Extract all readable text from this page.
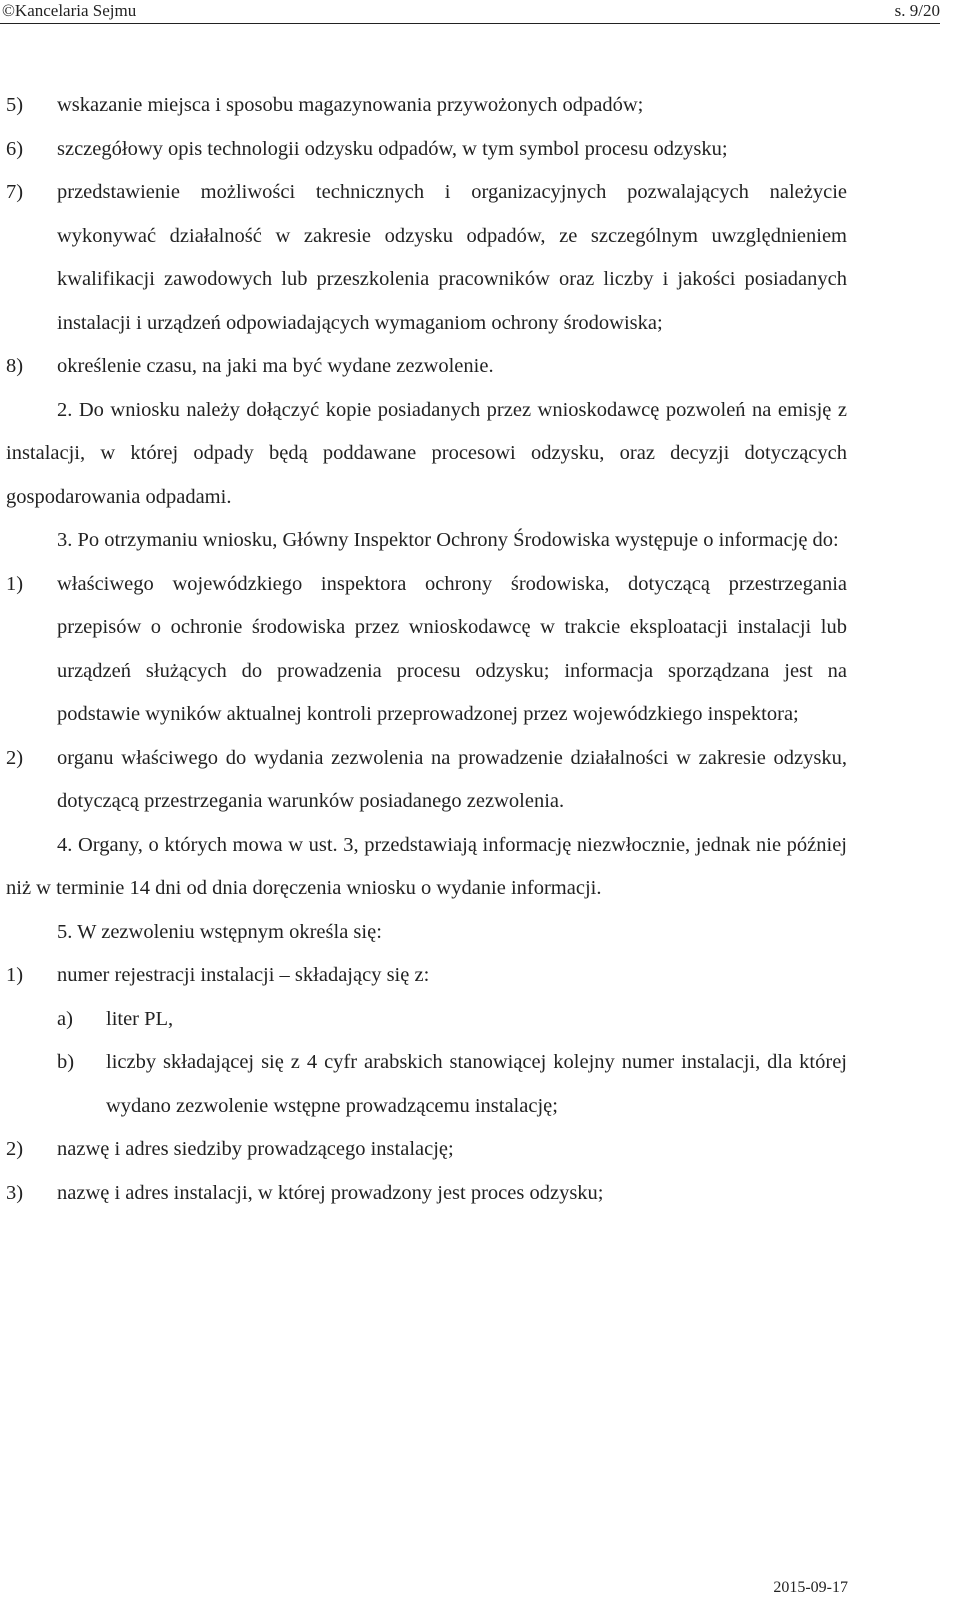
©Kancelaria Sejmu	s. 9/20
5)	wskazanie miejsca i sposobu magazynowania przywożonych odpadów;
6)	szczegółowy opis technologii odzysku odpadów, w tym symbol procesu odzysku;
7)	przedstawienie możliwości technicznych i organizacyjnych pozwalających należycie wykonywać działalność w zakresie odzysku odpadów, ze szczególnym uwzględnieniem kwalifikacji zawodowych lub przeszkolenia pracowników oraz liczby i jakości posiadanych instalacji i urządzeń odpowiadających wymaganiom ochrony środowiska;
8)	określenie czasu, na jaki ma być wydane zezwolenie.
2. Do wniosku należy dołączyć kopie posiadanych przez wnioskodawcę pozwoleń na emisję z instalacji, w której odpady będą poddawane procesowi odzysku, oraz decyzji dotyczących gospodarowania odpadami.
3. Po otrzymaniu wniosku, Główny Inspektor Ochrony Środowiska występuje o informację do:
1)	właściwego wojewódzkiego inspektora ochrony środowiska, dotyczącą przestrzegania przepisów o ochronie środowiska przez wnioskodawcę w trakcie eksploatacji instalacji lub urządzeń służących do prowadzenia procesu odzysku; informacja sporządzana jest na podstawie wyników aktualnej kontroli przeprowadzonej przez wojewódzkiego inspektora;
2)	organu właściwego do wydania zezwolenia na prowadzenie działalności w zakresie odzysku, dotyczącą przestrzegania warunków posiadanego zezwolenia.
4. Organy, o których mowa w ust. 3, przedstawiają informację niezwłocznie, jednak nie później niż w terminie 14 dni od dnia doręczenia wniosku o wydanie informacji.
5. W zezwoleniu wstępnym określa się:
1)	numer rejestracji instalacji – składający się z:
a)	liter PL,
b)	liczby składającej się z 4 cyfr arabskich stanowiącej kolejny numer instalacji, dla której wydano zezwolenie wstępne prowadzącemu instalację;
2)	nazwę i adres siedziby prowadzącego instalację;
3)	nazwę i adres instalacji, w której prowadzony jest proces odzysku;
2015-09-17
